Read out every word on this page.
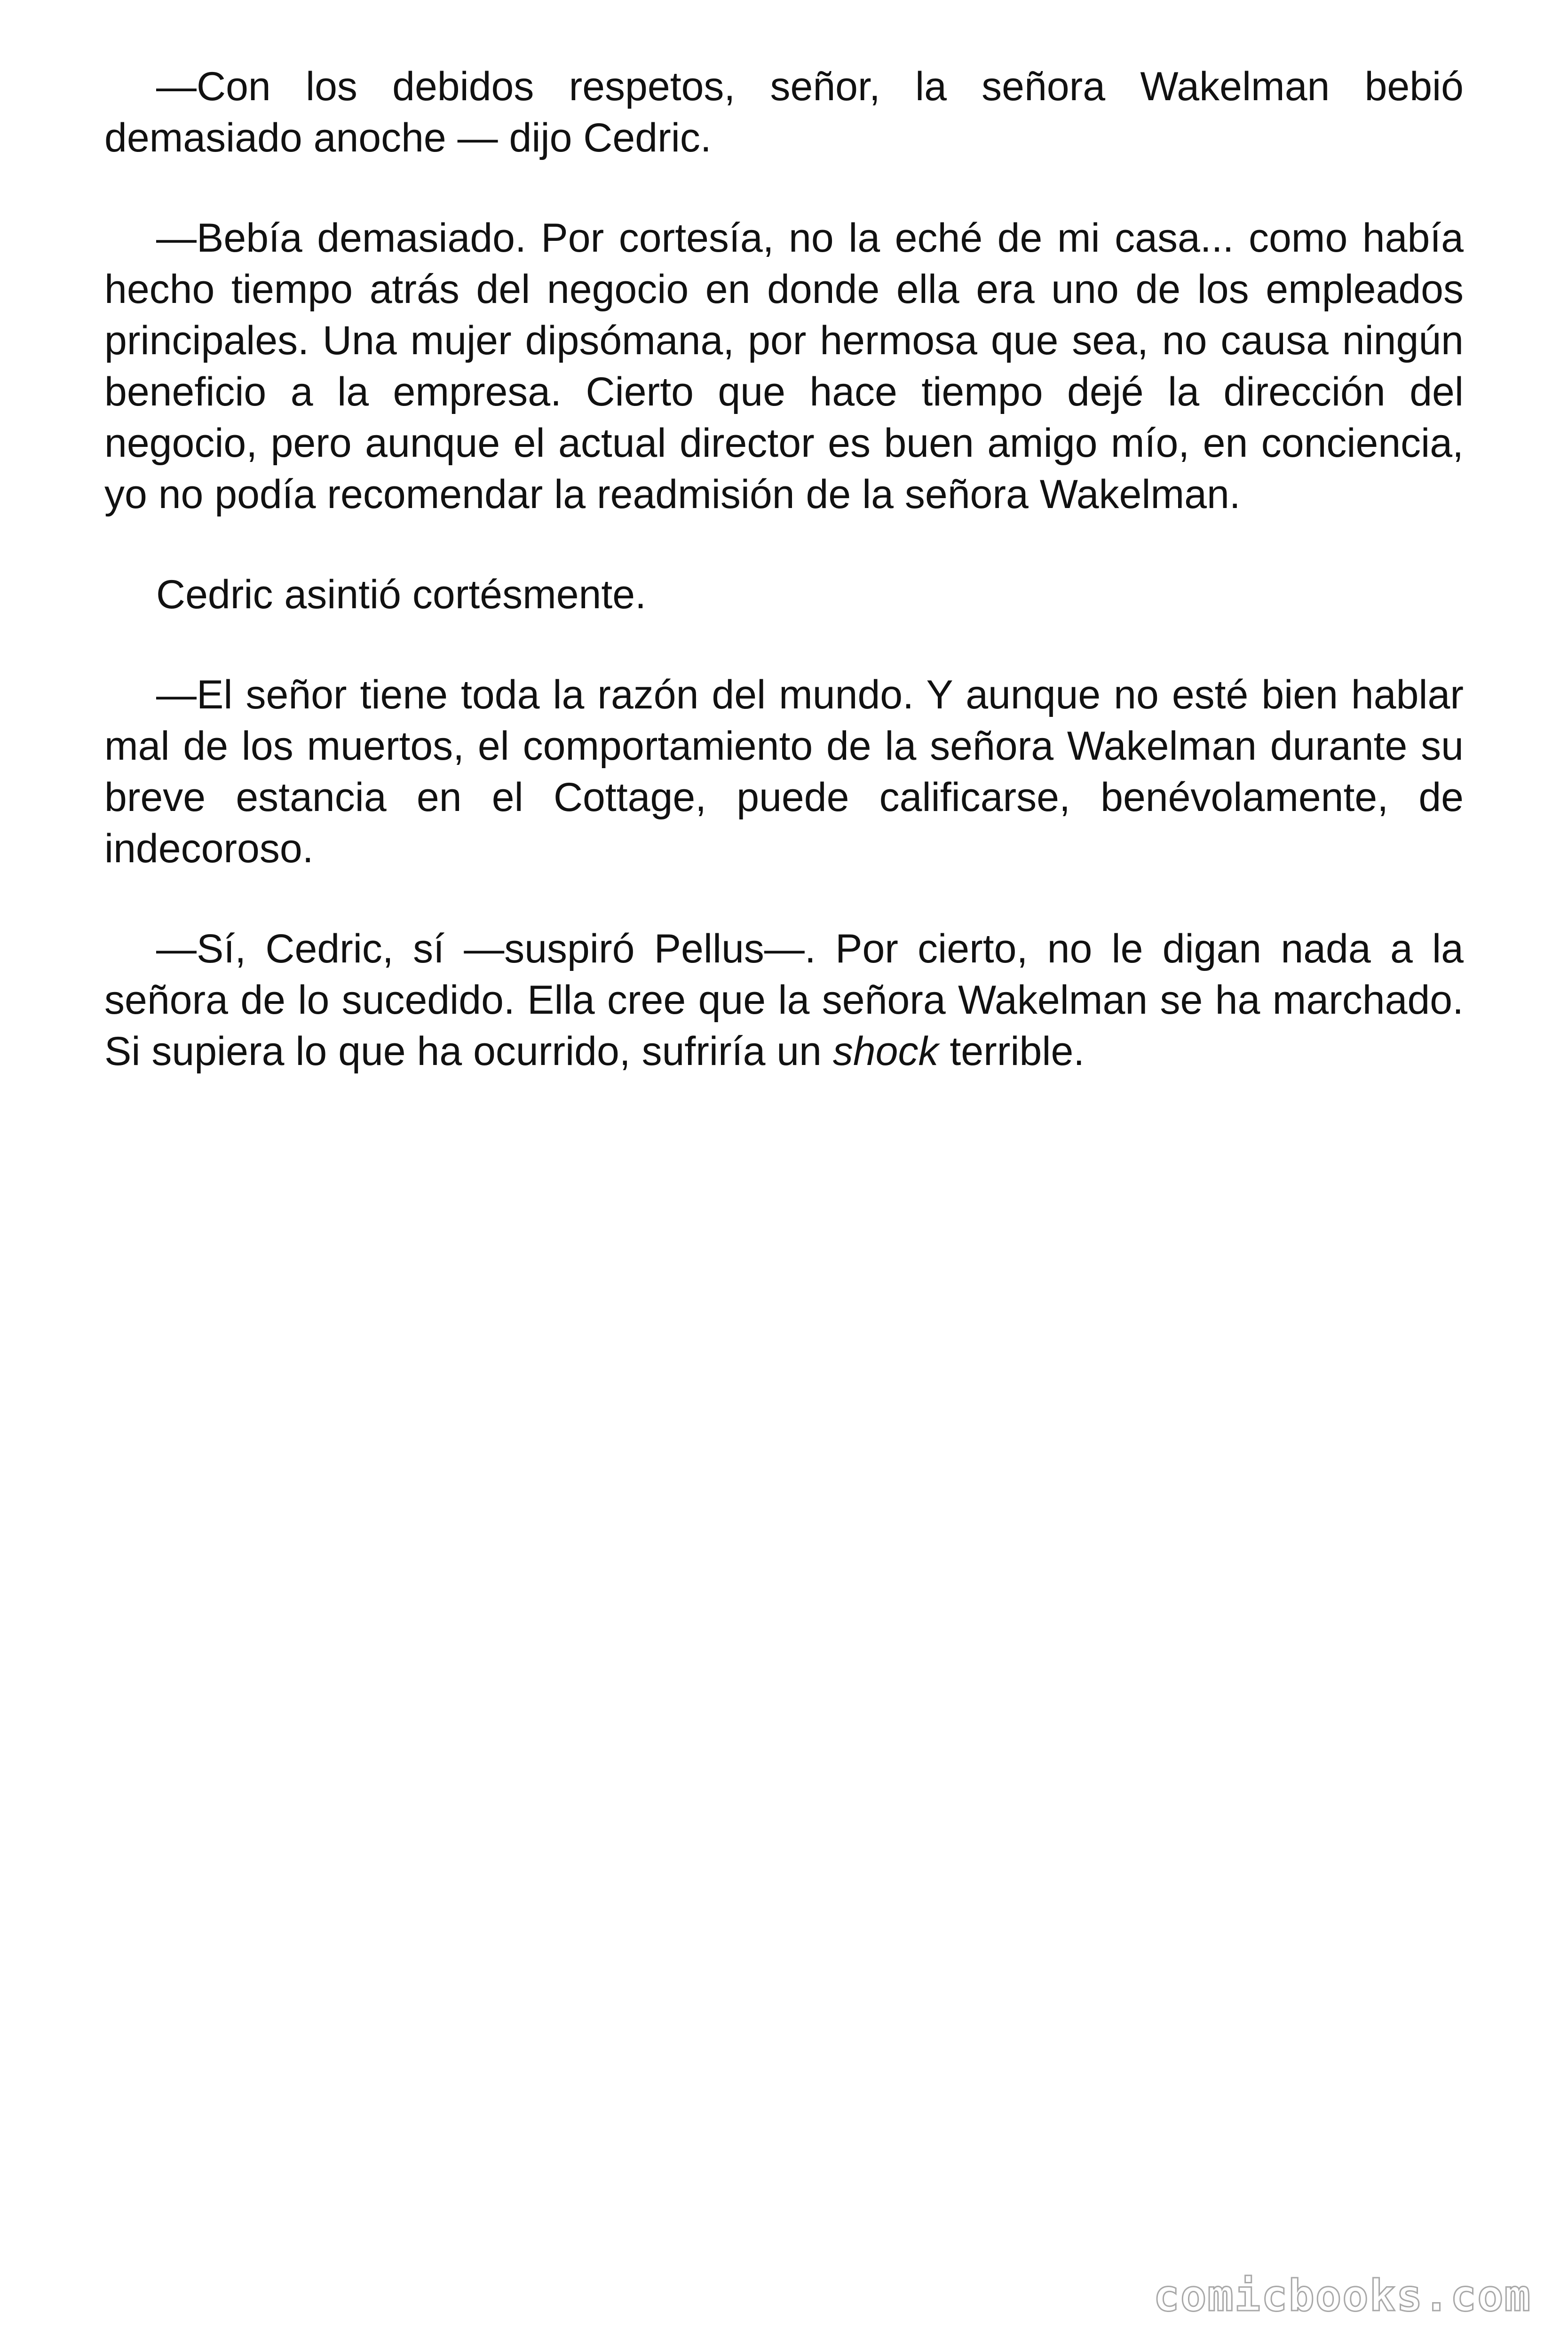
—Con los debidos respetos, señor, la señora Wakelman bebió demasiado anoche — dijo Cedric.

—Bebía demasiado. Por cortesía, no la eché de mi casa... como había hecho tiempo atrás del negocio en donde ella era uno de los empleados principales. Una mujer dipsómana, por hermosa que sea, no causa ningún beneficio a la empresa. Cierto que hace tiempo dejé la dirección del negocio, pero aunque el actual director es buen amigo mío, en conciencia, yo no podía recomendar la readmisión de la señora Wakelman.

Cedric asintió cortésmente.

—El señor tiene toda la razón del mundo. Y aunque no esté bien hablar mal de los muertos, el comportamiento de la señora Wakelman durante su breve estancia en el Cottage, puede calificarse, benévolamente, de indecoroso.

—Sí, Cedric, sí —suspiró Pellus—. Por cierto, no le digan nada a la señora de lo sucedido. Ella cree que la señora Wakelman se ha marchado. Si supiera lo que ha ocurrido, sufriría un shock terrible.

comicbooks.com
